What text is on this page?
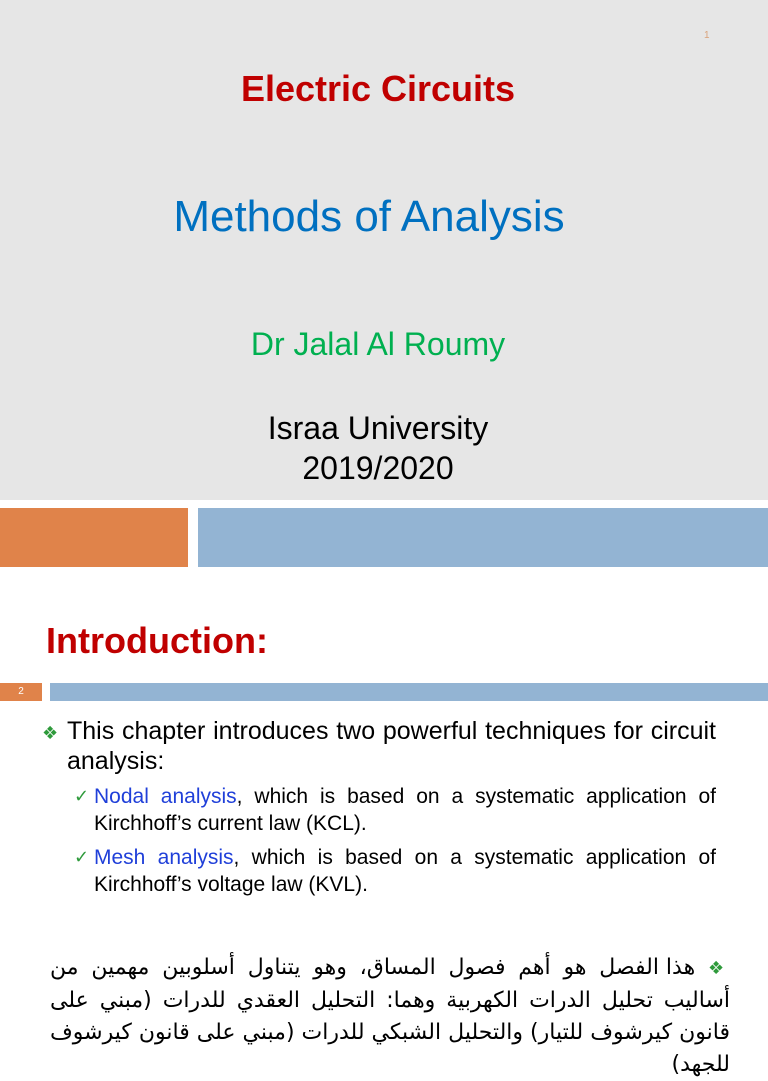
1
Electric Circuits
Methods of Analysis
Dr Jalal Al Roumy
Israa University
2019/2020
Introduction:
2
❖ This chapter introduces two powerful techniques for circuit analysis:
✓ Nodal analysis, which is based on a systematic application of Kirchhoff’s current law (KCL).
✓ Mesh analysis, which is based on a systematic application of Kirchhoff’s voltage law (KVL).
❖ هذا الفصل هو أهم فصول المساق، وهو يتناول أسلوبين مهمين من أساليب تحليل الدرات الكهربية وهما: التحليل العقدي للدرات (مبني على قانون كيرشوف للتيار) والتحليل الشبكي للدرات (مبني على قانون كيرشوف للجهد)
